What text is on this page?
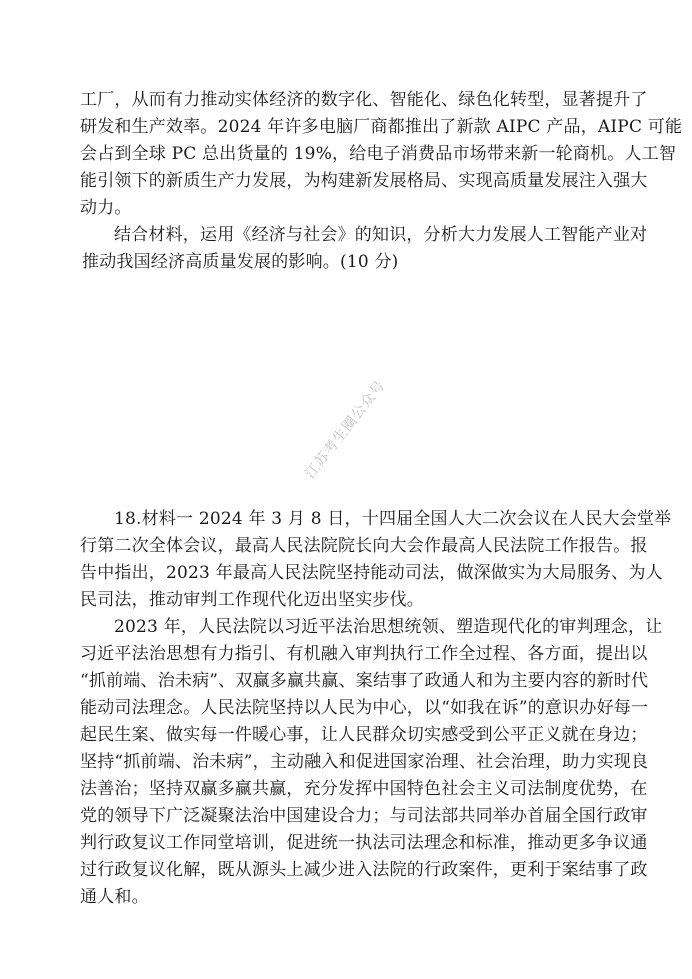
工厂，从而有力推动实体经济的数字化、智能化、绿色化转型，显著提升了
研发和生产效率。2024 年许多电脑厂商都推出了新款 AIPC 产品，AIPC 可能
会占到全球 PC 总出货量的 19%，给电子消费品市场带来新一轮商机。人工智
能引领下的新质生产力发展，为构建新发展格局、实现高质量发展注入强大
动力。
结合材料，运用《经济与社会》的知识，分析大力发展人工智能产业对
推动我国经济高质量发展的影响。(10 分)
江苏考生圈公众号
18.材料一 2024 年 3 月 8 日，十四届全国人大二次会议在人民大会堂举
行第二次全体会议，最高人民法院院长向大会作最高人民法院工作报告。报
告中指出，2023 年最高人民法院坚持能动司法，做深做实为大局服务、为人
民司法，推动审判工作现代化迈出坚实步伐。
2023 年，人民法院以习近平法治思想统领、塑造现代化的审判理念，让
习近平法治思想有力指引、有机融入审判执行工作全过程、各方面，提出以
“抓前端、治未病”、双赢多赢共赢、案结事了政通人和为主要内容的新时代
能动司法理念。人民法院坚持以人民为中心，以“如我在诉”的意识办好每一
起民生案、做实每一件暖心事，让人民群众切实感受到公平正义就在身边；
坚持“抓前端、治未病”，主动融入和促进国家治理、社会治理，助力实现良
法善治；坚持双赢多赢共赢，充分发挥中国特色社会主义司法制度优势，在
党的领导下广泛凝聚法治中国建设合力；与司法部共同举办首届全国行政审
判行政复议工作同堂培训，促进统一执法司法理念和标准，推动更多争议通
过行政复议化解，既从源头上减少进入法院的行政案件，更利于案结事了政
通人和。
